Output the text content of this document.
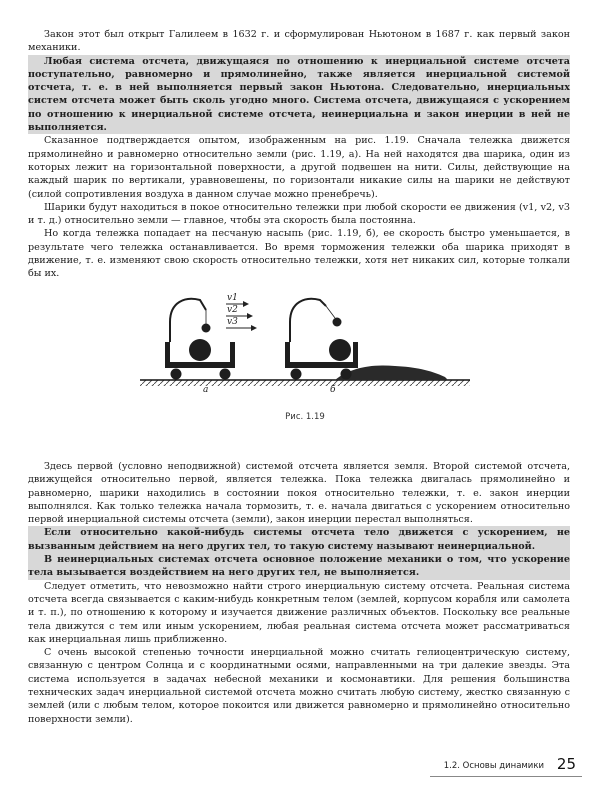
Закон этот был открыт Галилеем в 1632 г. и сформулирован Ньютоном в 1687 г. как первый закон механики.

Любая система отсчета, движущаяся по отношению к инерциальной системе отсчета поступательно, равномерно и прямолинейно, также является инерциальной системой отсчета, т. е. в ней выполняется первый закон Ньютона. Следовательно, инерциальных систем отсчета может быть сколь угодно много. Система отсчета, движущаяся с ускорением по отношению к инерциальной системе отсчета, неинерциальна и закон инерции в ней не выполняется.

Сказанное подтверждается опытом, изображенным на рис. 1.19. Сначала тележка движется прямолинейно и равномерно относительно земли (рис. 1.19, а). На ней находятся два шарика, один из которых лежит на горизонтальной поверхности, а другой подвешен на нити. Силы, действующие на каждый шарик по вертикали, уравновешены, по горизонтали никакие силы на шарики не действуют (силой сопротивления воздуха в данном случае можно пренебречь).

Шарики будут находиться в покое относительно тележки при любой скорости ее движения (v1, v2, v3 и т. д.) относительно земли — главное, чтобы эта скорость была постоянна.

Но когда тележка попадает на песчаную насыпь (рис. 1.19, б), ее скорость быстро уменьшается, в результате чего тележка останавливается. Во время торможения тележки оба шарика приходят в движение, т. е. изменяют свою скорость относительно тележки, хотя нет никаких сил, которые толкали бы их.

v1
v2
v3
а	б
Рис. 1.19

Здесь первой (условно неподвижной) системой отсчета является земля. Второй системой отсчета, движущейся относительно первой, является тележка. Пока тележка двигалась прямолинейно и равномерно, шарики находились в состоянии покоя относительно тележки, т. е. закон инерции выполнялся. Как только тележка начала тормозить, т. е. начала двигаться с ускорением относительно первой инерциальной системы отсчета (земли), закон инерции перестал выполняться.

Если относительно какой-нибудь системы отсчета тело движется с ускорением, не вызванным действием на него других тел, то такую систему называют неинерциальной.

В неинерциальных системах отсчета основное положение механики о том, что ускорение тела вызывается воздействием на него других тел, не выполняется.

Следует отметить, что невозможно найти строго инерциальную систему отсчета. Реальная система отсчета всегда связывается с каким-нибудь конкретным телом (землей, корпусом корабля или самолета и т. п.), по отношению к которому и изучается движение различных объектов. Поскольку все реальные тела движутся с тем или иным ускорением, любая реальная система отсчета может рассматриваться как инерциальная лишь приближенно.

С очень высокой степенью точности инерциальной можно считать гелиоцентрическую систему, связанную с центром Солнца и с координатными осями, направленными на три далекие звезды. Эта система используется в задачах небесной механики и космонавтики. Для решения большинства технических задач инерциальной системой отсчета можно считать любую систему, жестко связанную с землей (или с любым телом, которое покоится или движется равномерно и прямолинейно относительно поверхности земли).

1.2. Основы динамики 25
